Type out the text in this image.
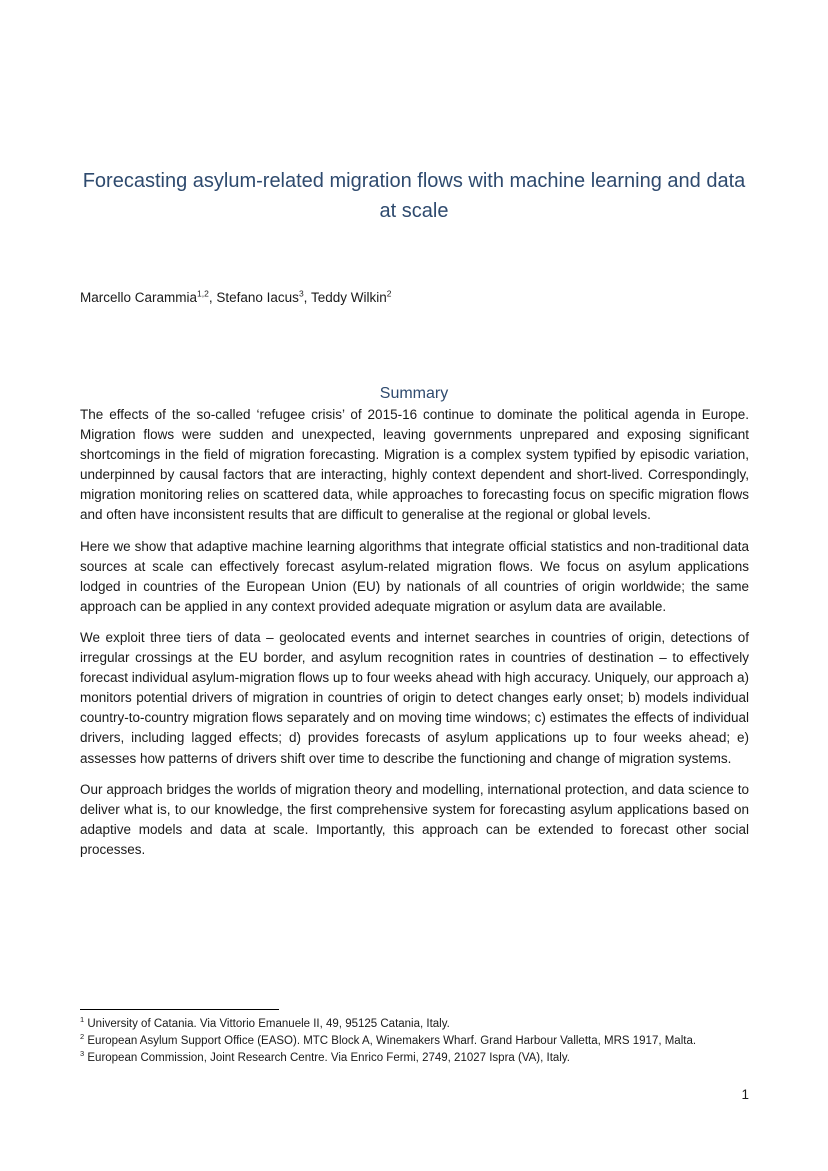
Forecasting asylum-related migration flows with machine learning and data at scale

Marcello Carammia$^{1,2}$, Stefano Iacus$^3$, Teddy Wilkin$^2$

Summary

The effects of the so-called ‘refugee crisis’ of 2015-16 continue to dominate the political agenda in Europe. Migration flows were sudden and unexpected, leaving governments unprepared and exposing significant shortcomings in the field of migration forecasting. Migration is a complex system typified by episodic variation, underpinned by causal factors that are interacting, highly context dependent and short-lived. Correspondingly, migration monitoring relies on scattered data, while approaches to forecasting focus on specific migration flows and often have inconsistent results that are difficult to generalise at the regional or global levels.

Here we show that adaptive machine learning algorithms that integrate official statistics and non-traditional data sources at scale can effectively forecast asylum-related migration flows. We focus on asylum applications lodged in countries of the European Union (EU) by nationals of all countries of origin worldwide; the same approach can be applied in any context provided adequate migration or asylum data are available.

We exploit three tiers of data – geolocated events and internet searches in countries of origin, detections of irregular crossings at the EU border, and asylum recognition rates in countries of destination – to effectively forecast individual asylum-migration flows up to four weeks ahead with high accuracy. Uniquely, our approach a) monitors potential drivers of migration in countries of origin to detect changes early onset; b) models individual country-to-country migration flows separately and on moving time windows; c) estimates the effects of individual drivers, including lagged effects; d) provides forecasts of asylum applications up to four weeks ahead; e) assesses how patterns of drivers shift over time to describe the functioning and change of migration systems.

Our approach bridges the worlds of migration theory and modelling, international protection, and data science to deliver what is, to our knowledge, the first comprehensive system for forecasting asylum applications based on adaptive models and data at scale. Importantly, this approach can be extended to forecast other social processes.

$^1$ University of Catania. Via Vittorio Emanuele II, 49, 95125 Catania, Italy.

$^2$ European Asylum Support Office (EASO). MTC Block A, Winemakers Wharf. Grand Harbour Valletta, MRS 1917, Malta.

$^3$ European Commission, Joint Research Centre. Via Enrico Fermi, 2749, 21027 Ispra (VA), Italy.

1
